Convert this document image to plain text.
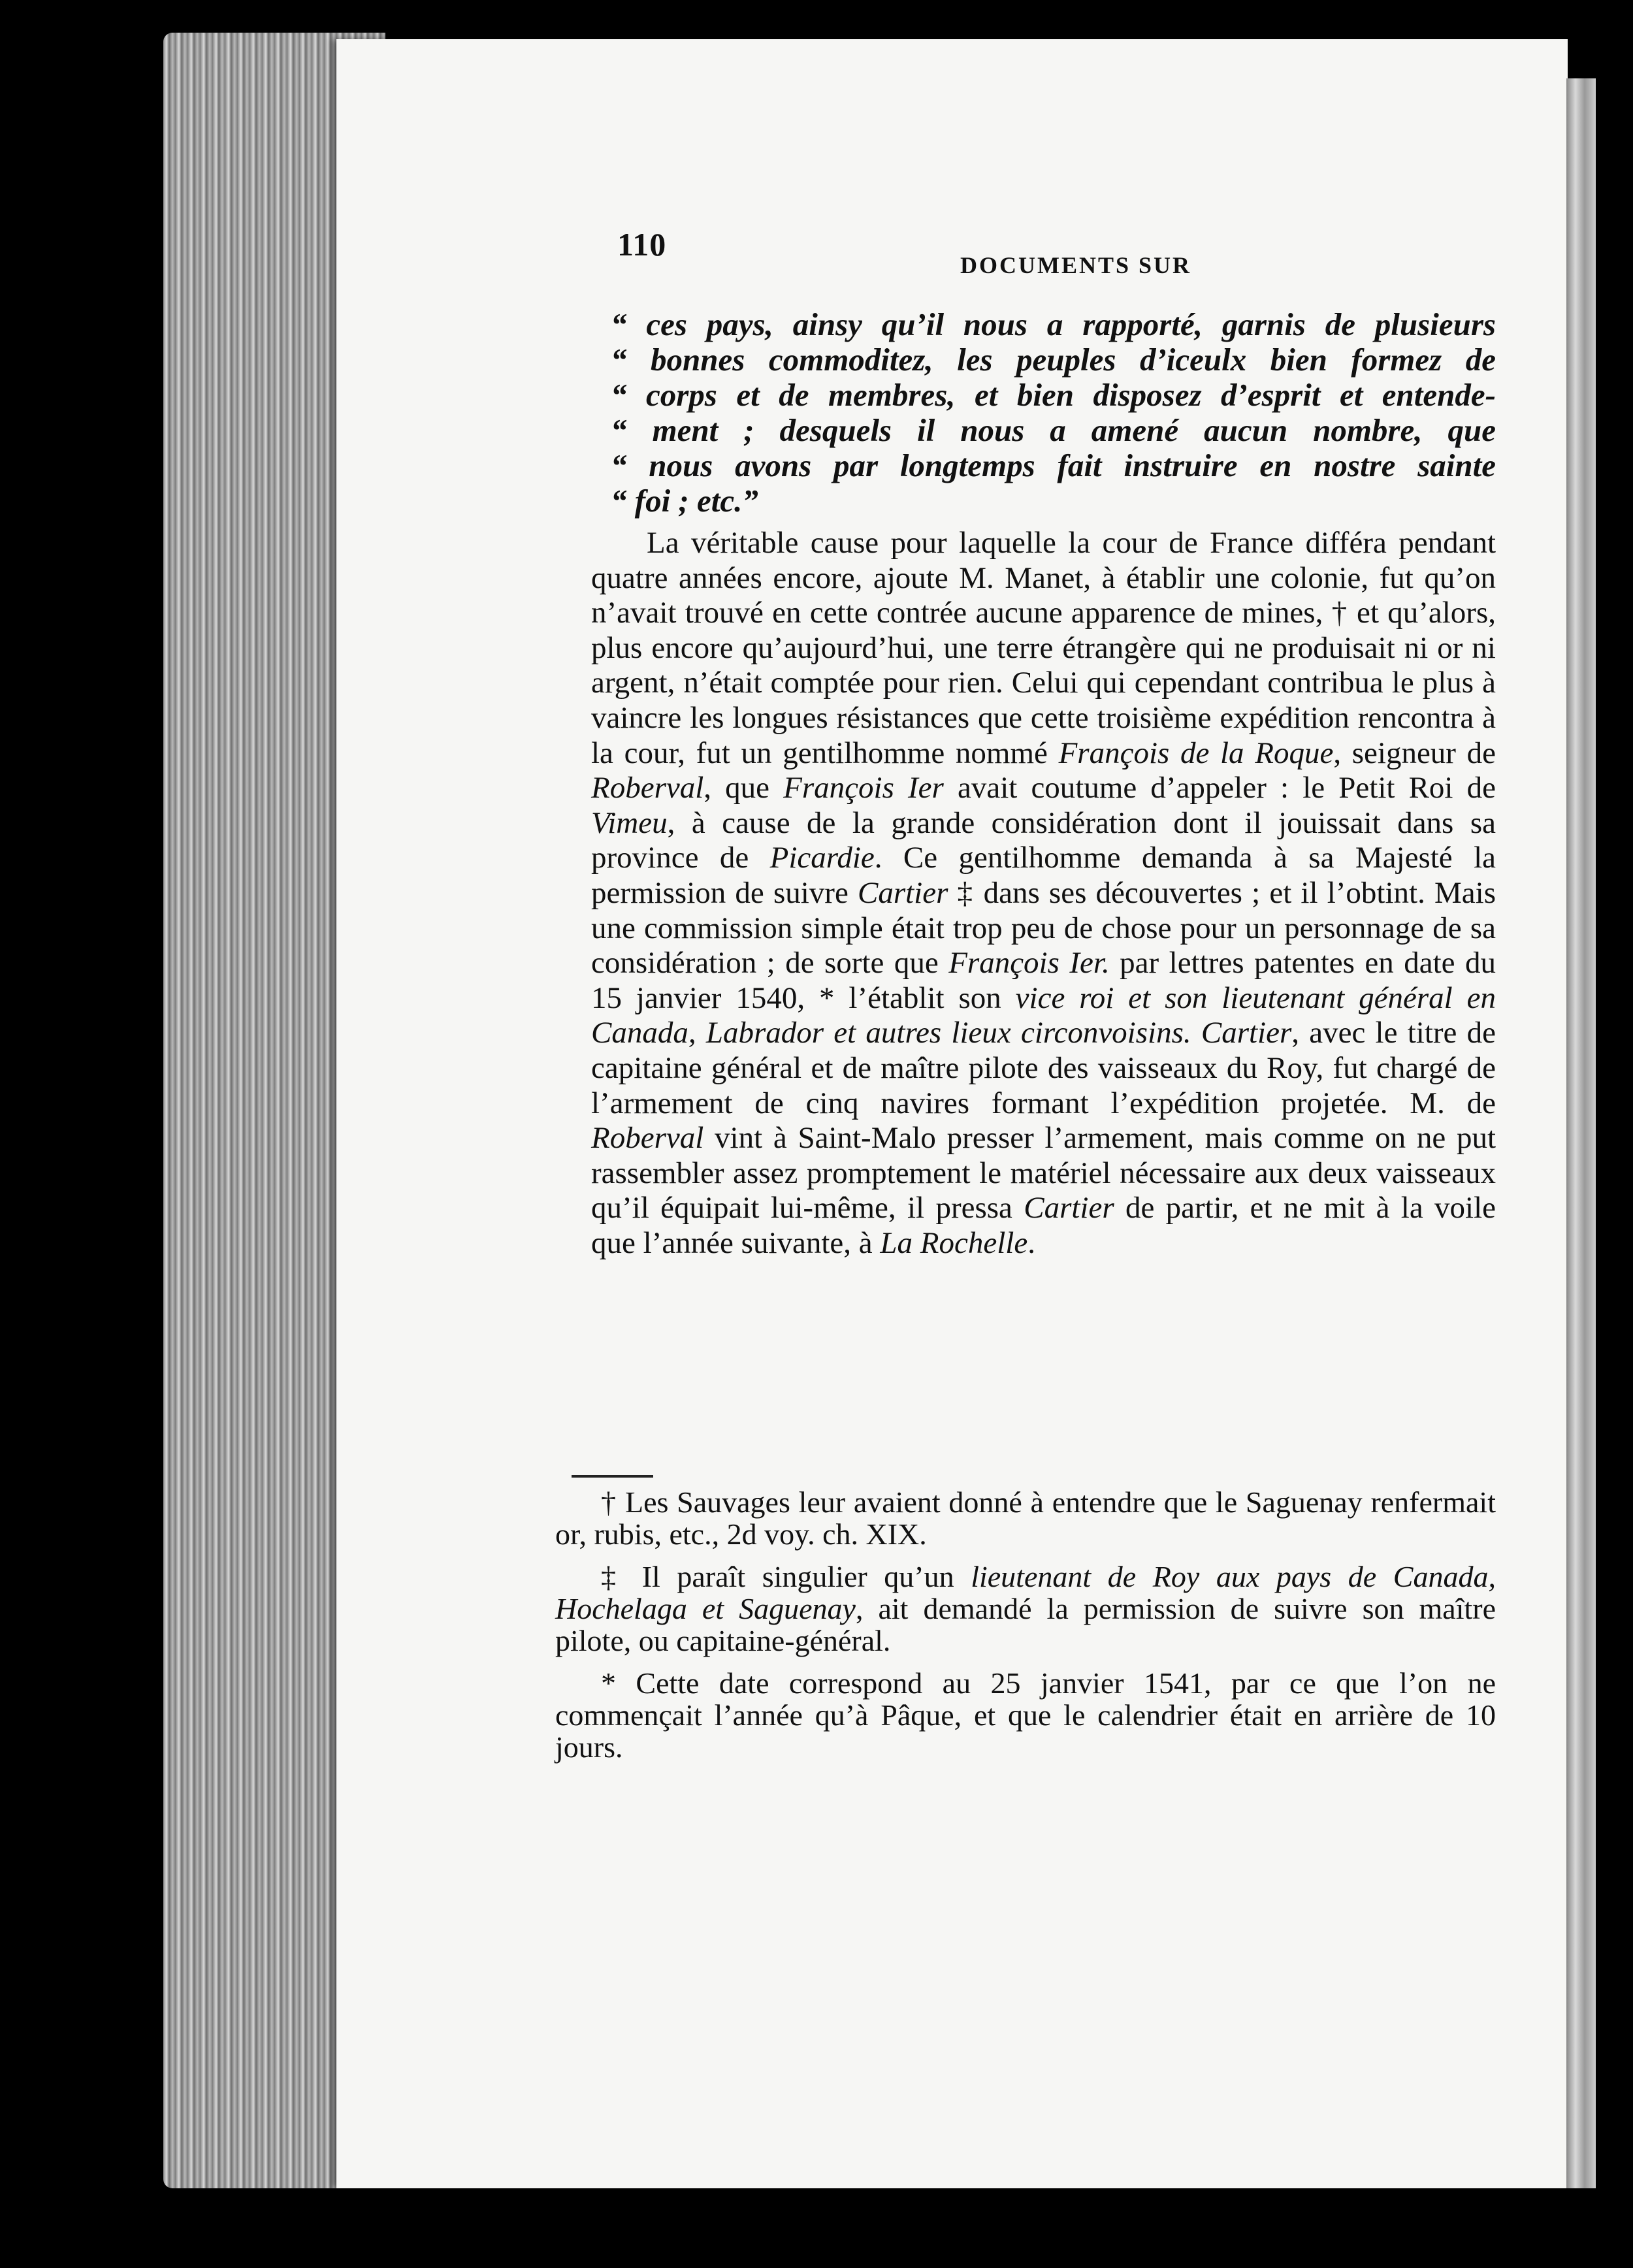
110
DOCUMENTS SUR
“ ces pays, ainsy qu’il nous a rapporté, garnis de plusieurs
“ bonnes commoditez, les peuples d’iceulx bien formez de
“ corps et de membres, et bien disposez d’esprit et entende-
“ ment ; desquels il nous a amené aucun nombre, que
“ nous avons par longtemps fait instruire en nostre sainte
“ foi ; etc.”

La véritable cause pour laquelle la cour de France différa pendant quatre années encore, ajoute M. Manet, à établir une colonie, fut qu’on n’avait trouvé en cette contrée aucune apparence de mines, † et qu’alors, plus encore qu’aujourd’hui, une terre étrangère qui ne produisait ni or ni argent, n’était comptée pour rien. Celui qui cependant contribua le plus à vaincre les longues résistances que cette troisième expédition rencontra à la cour, fut un gentilhomme nommé François de la Roque, seigneur de Roberval, que François Ier avait coutume d’appeler : le Petit Roi de Vimeu, à cause de la grande considération dont il jouissait dans sa province de Picardie. Ce gentilhomme demanda à sa Majesté la permission de suivre Cartier ‡ dans ses découvertes ; et il l’obtint. Mais une commission simple était trop peu de chose pour un personnage de sa considération ; de sorte que François Ier. par lettres patentes en date du 15 janvier 1540, * l’établit son vice roi et son lieutenant général en Canada, Labrador et autres lieux circonvoisins. Cartier, avec le titre de capitaine général et de maître pilote des vaisseaux du Roy, fut chargé de l’armement de cinq navires formant l’expédition projetée. M. de Roberval vint à Saint-Malo presser l’armement, mais comme on ne put rassembler assez promptement le matériel nécessaire aux deux vaisseaux qu’il équipait lui-même, il pressa Cartier de partir, et ne mit à la voile que l’année suivante, à La Rochelle.

† Les Sauvages leur avaient donné à entendre que le Saguenay renfermait or, rubis, etc., 2d voy. ch. XIX.

‡ Il paraît singulier qu’un lieutenant de Roy aux pays de Canada, Hochelaga et Saguenay, ait demandé la permission de suivre son maître pilote, ou capitaine-général.

* Cette date correspond au 25 janvier 1541, par ce que l’on ne commençait l’année qu’à Pâque, et que le calendrier était en arrière de 10 jours.
